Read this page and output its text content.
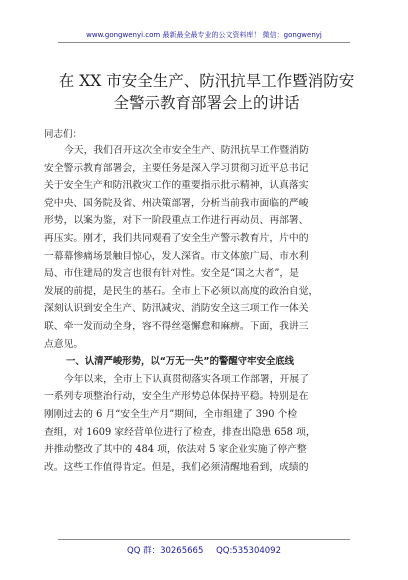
www.gongwenyi.com 最新最全最专业的公文资料库！ 微信：gongwenyj
在 XX 市安全生产、防汛抗旱工作暨消防安
全警示教育部署会上的讲话
同志们：
今天，我们召开这次全市安全生产、防汛抗旱工作暨消防
安全警示教育部署会，主要任务是深入学习贯彻习近平总书记
关于安全生产和防汛救灾工作的重要指示批示精神，认真落实
党中央、国务院及省、州决策部署，分析当前我市面临的严峻
形势，以案为鉴，对下一阶段重点工作进行再动员、再部署、
再压实。刚才，我们共同观看了安全生产警示教育片，片中的
一幕幕惨痛场景触目惊心，发人深省。市文体旅广局、市水利
局、市住建局的发言也很有针对性。安全是“国之大者”，是
发展的前提，是民生的基石。全市上下必须以高度的政治自觉，
深刻认识到安全生产、防汛减灾、消防安全这三项工作一体关
联、牵一发而动全身，容不得丝毫懈怠和麻痹。下面，我讲三
点意见。
一、认清严峻形势，以“万无一失”的警醒守牢安全底线
今年以来，全市上下认真贯彻落实各项工作部署，开展了
一系列专项整治行动，安全生产形势总体保持平稳。特别是在
刚刚过去的 6 月“安全生产月”期间，全市组建了 390 个检
查组，对 1609 家经营单位进行了检查，排查出隐患 658 项，
并推动整改了其中的 484 项，依法对 5 家企业实施了停产整
改。这些工作值得肯定。但是，我们必须清醒地看到，成绩的
QQ 群：30265665 QQ:535304092
